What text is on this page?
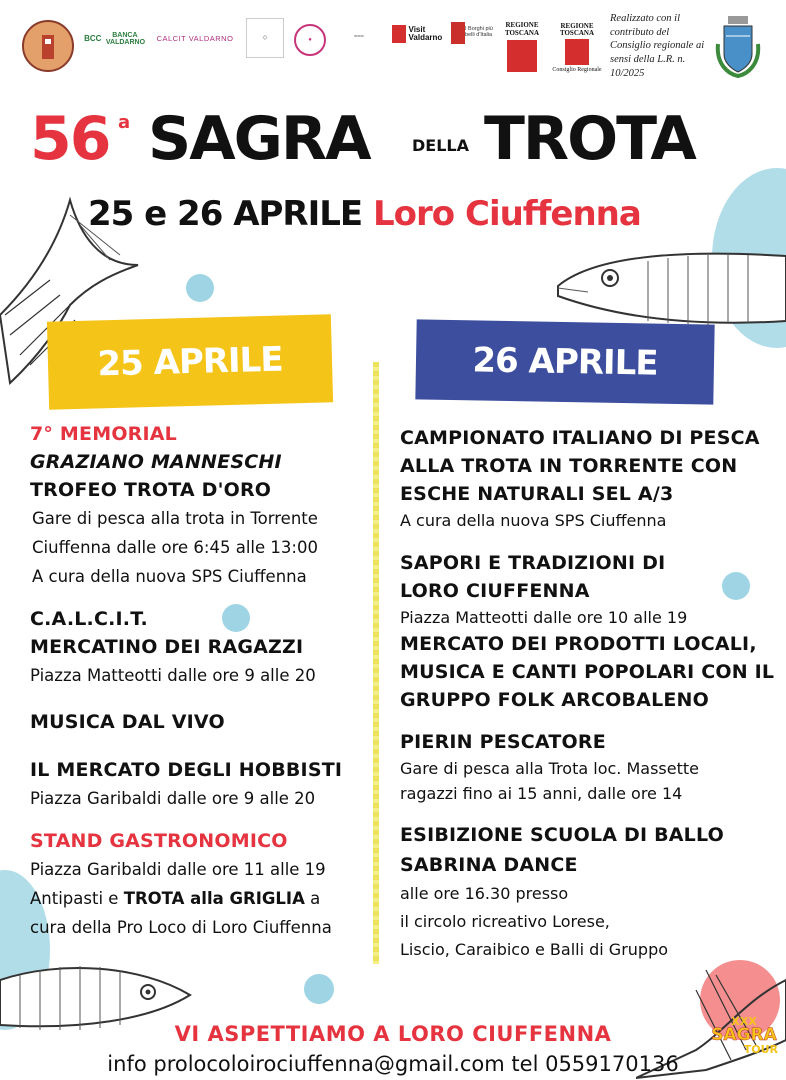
BCC
	BANCA VALDARNO CALCIT VALDARNO	◇	●	≈≈≈
Visit Valdarno
I Borghi più belli d'Italia
REGIONE TOSCANA
REGIONE TOSCANA
Consiglio Regionale
Realizzato con il contributo del Consiglio regionale ai sensi della L.R. n. 10/2025
56 a SAGRA	DELLA TROTA
25 e 26 APRILE Loro Ciuffenna
25 APRILE	26 APRILE
7° MEMORIAL
GRAZIANO MANNESCHI
TROFEO TROTA D'ORO
Gare di pesca alla trota in Torrente
Ciuffenna dalle ore 6:45 alle 13:00
A cura della nuova SPS Ciuffenna
C.A.L.C.I.T.
MERCATINO DEI RAGAZZI
Piazza Matteotti dalle ore 9 alle 20
MUSICA DAL VIVO
IL MERCATO DEGLI HOBBISTI
Piazza Garibaldi dalle ore 9 alle 20
STAND GASTRONOMICO
Piazza Garibaldi dalle ore 11 alle 19
Antipasti e TROTA alla GRIGLIA a
cura della Pro Loco di Loro Ciuffenna
CAMPIONATO ITALIANO DI PESCA
ALLA TROTA IN TORRENTE CON
ESCHE NATURALI SEL A/3
A cura della nuova SPS Ciuffenna
SAPORI E TRADIZIONI DI
LORO CIUFFENNA
Piazza Matteotti dalle ore 10 alle 19
MERCATO DEI PRODOTTI LOCALI,
MUSICA E CANTI POPOLARI CON IL
GRUPPO FOLK ARCOBALENO
PIERIN PESCATORE
Gare di pesca alla Trota loc. Massette
ragazzi fino ai 15 anni, dalle ore 14
ESIBIZIONE SCUOLA DI BALLO
SABRINA DANCE
alle ore 16.30 presso
il circolo ricreativo Lorese,
Liscio, Caraibico e Balli di Gruppo
VI ASPETTIAMO A LORO CIUFFENNA
info prolocoloirociuffenna@gmail.com tel 0559170136
XXX
SAGRA
TOUR
